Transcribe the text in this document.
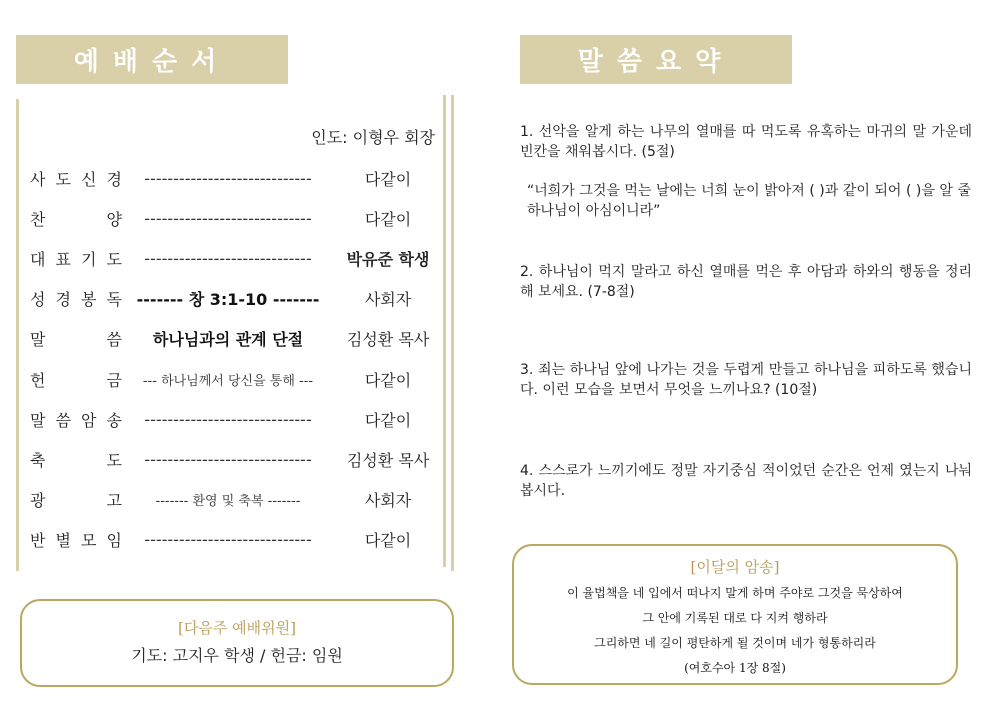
예배순서
인도: 이형우 회장
사 도 신 경	-----------------------------	다같이
찬	양	-----------------------------	다같이
대 표 기 도	-----------------------------	박유준 학생
성 경 봉 독 ------- 창 3:1-10 -------	사회자
말	씀	하나님과의 관계 단절	김성환 목사
헌	금	--- 하나님께서 당신을 통해 ---	다같이
말 씀 암 송	-----------------------------	다같이
축	도	-----------------------------	김성환 목사
광	고	------- 환영 및 축복 -------	사회자
반 별 모 임	-----------------------------	다같이
[다음주 예배위원]
기도: 고지우 학생 / 헌금: 임원
말씀요약
1. 선악을 알게 하는 나무의 열매를 따 먹도록 유혹하는 마귀의 말 가운데 빈칸을 채워봅시다. (5절)
“너희가 그것을 먹는 날에는 너희 눈이 밝아져 ( )과 같이 되어 ( )을 알 줄 하나님이 아심이니라”
2. 하나님이 먹지 말라고 하신 열매를 먹은 후 아담과 하와의 행동을 정리해 보세요. (7-8절)
3. 죄는 하나님 앞에 나가는 것을 두렵게 만들고 하나님을 피하도록 했습니다. 이런 모습을 보면서 무엇을 느끼나요? (10절)
4. 스스로가 느끼기에도 정말 자기중심 적이었던 순간은 언제 였는지 나눠 봅시다.
[이달의 암송]
이 율법책을 네 입에서 떠나지 말게 하며 주야로 그것을 묵상하여
그 안에 기록된 대로 다 지켜 행하라
그리하면 네 길이 평탄하게 될 것이며 네가 형통하리라
(여호수아 1장 8절)
